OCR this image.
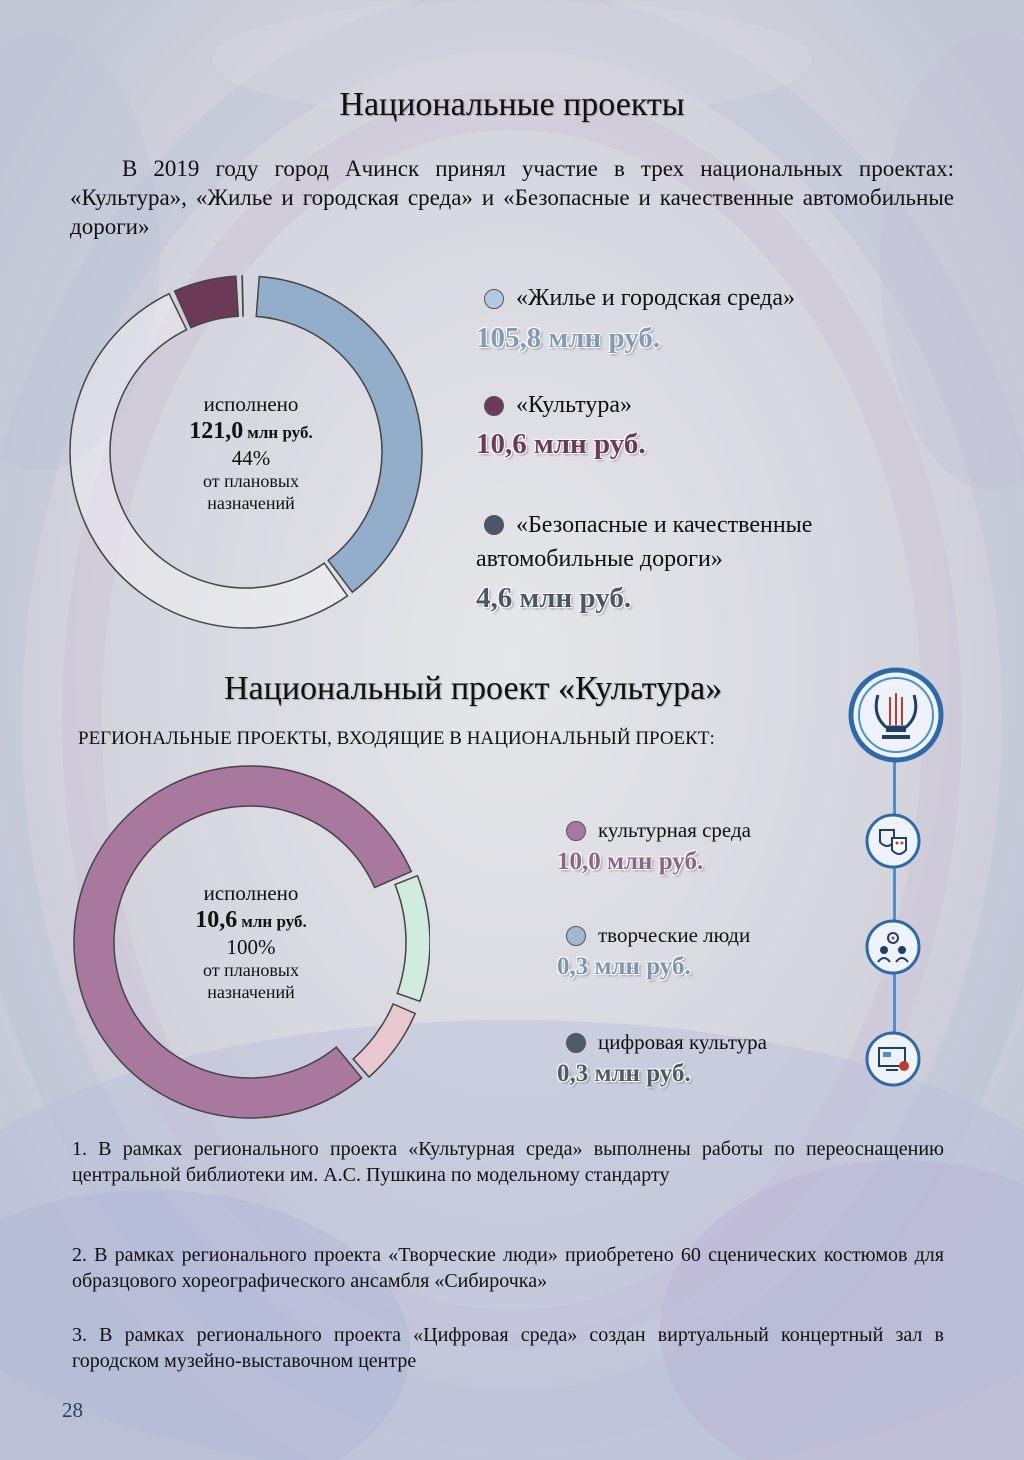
Национальные проекты
В 2019 году город Ачинск принял участие в трех национальных проектах: «Культура», «Жилье и городская среда» и «Безопасные и качественные автомобильные дороги»
исполнено
121,0 млн руб.
44%
от плановых
назначений
«Жилье и городская среда»
105,8 млн руб.
«Культура»
10,6 млн руб.
«Безопасные и качественные
автомобильные дороги»
4,6 млн руб.
Национальный проект «Культура»
РЕГИОНАЛЬНЫЕ ПРОЕКТЫ, ВХОДЯЩИЕ В НАЦИОНАЛЬНЫЙ ПРОЕКТ:
исполнено
10,6 млн руб.
100%
от плановых
назначений
культурная среда
10,0 млн руб.
творческие люди
0,3 млн руб.
цифровая культура
0,3 млн руб.
1. В рамках регионального проекта «Культурная среда» выполнены работы по переоснащению центральной библиотеки им. А.С. Пушкина по модельному стандарту
2. В рамках регионального проекта «Творческие люди» приобретено 60 сценических костюмов для образцового хореографического ансамбля «Сибирочка»
3. В рамках регионального проекта «Цифровая среда» создан виртуальный концертный зал в городском музейно-выставочном центре
28
